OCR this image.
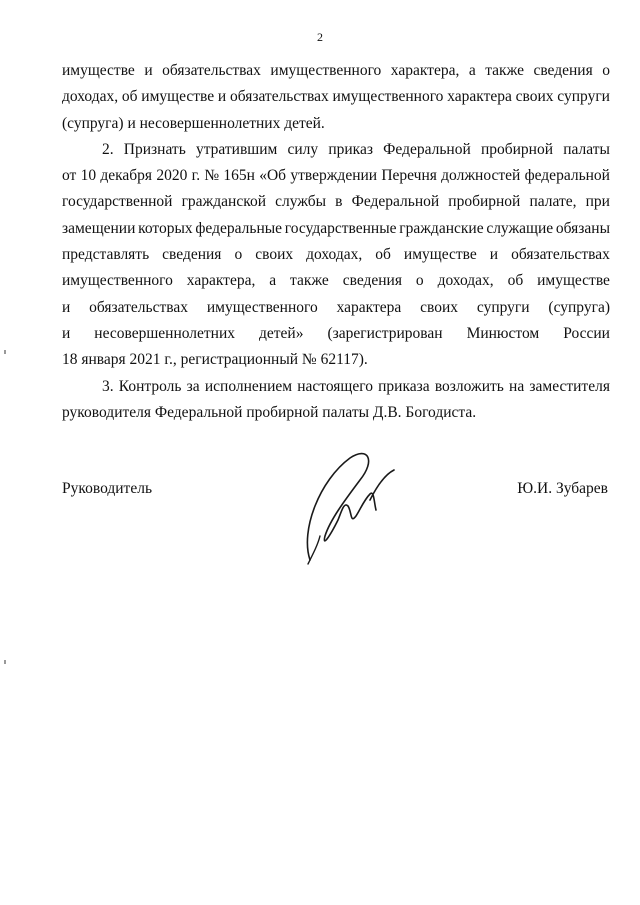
2
имуществе и обязательствах имущественного характера, а также сведения о
доходах, об имуществе и обязательствах имущественного характера своих супруги
(супруга) и несовершеннолетних детей.
2. Признать утратившим силу приказ Федеральной пробирной палаты
от 10 декабря 2020 г. № 165н «Об утверждении Перечня должностей федеральной
государственной гражданской службы в Федеральной пробирной палате, при
замещении которых федеральные государственные гражданские служащие обязаны
представлять сведения о своих доходах, об имуществе и обязательствах
имущественного характера, а также сведения о доходах, об имуществе
и обязательствах имущественного характера своих супруги (супруга)
и несовершеннолетних детей» (зарегистрирован Минюстом России
18 января 2021 г., регистрационный № 62117).
3. Контроль за исполнением настоящего приказа возложить на заместителя
руководителя Федеральной пробирной палаты Д.В. Богодиста.
Руководитель	Ю.И. Зубарев
